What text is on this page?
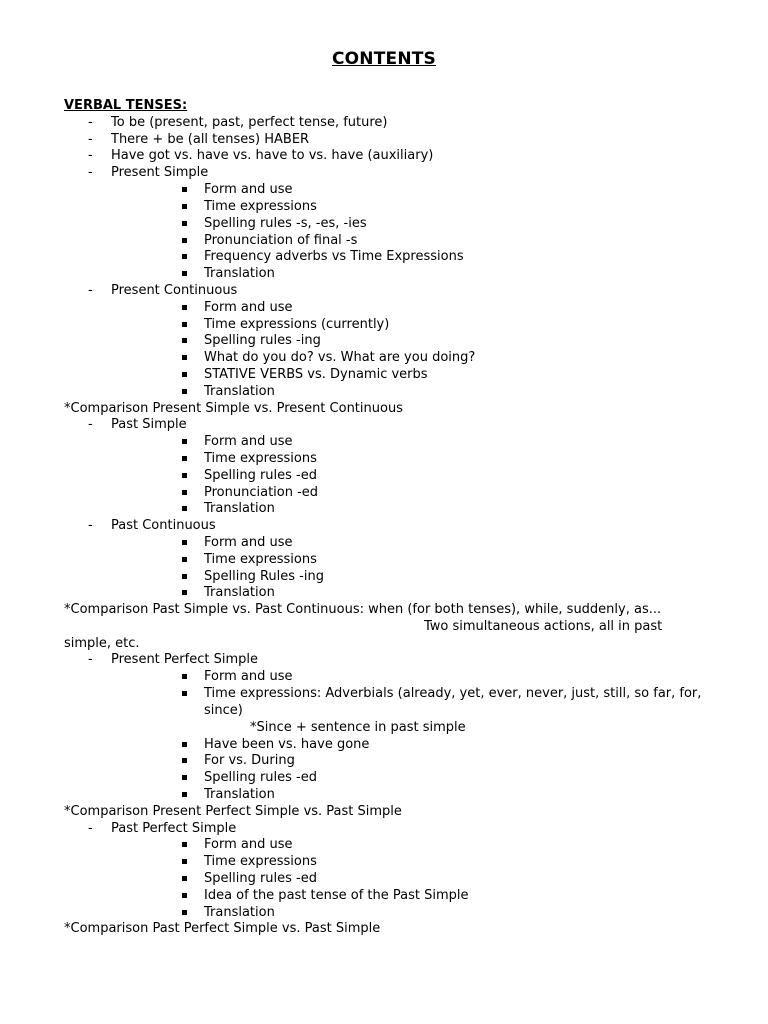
CONTENTS
VERBAL TENSES:
- To be (present, past, perfect tense, future)
- There + be (all tenses) HABER
- Have got vs. have vs. have to vs. have (auxiliary)
- Present Simple
Form and use
Time expressions
Spelling rules -s, -es, -ies
Pronunciation of final -s
Frequency adverbs vs Time Expressions
Translation
- Present Continuous
Form and use
Time expressions (currently)
Spelling rules -ing
What do you do? vs. What are you doing?
STATIVE VERBS vs. Dynamic verbs
Translation
*Comparison Present Simple vs. Present Continuous
- Past Simple
Form and use
Time expressions
Spelling rules -ed
Pronunciation -ed
Translation
- Past Continuous
Form and use
Time expressions
Spelling Rules -ing
Translation
*Comparison Past Simple vs. Past Continuous: when (for both tenses), while, suddenly, as...
Two simultaneous actions, all in past
simple, etc.
- Present Perfect Simple
Form and use
Time expressions: Adverbials (already, yet, ever, never, just, still, so far, for,
since)
*Since + sentence in past simple
Have been vs. have gone
For vs. During
Spelling rules -ed
Translation
*Comparison Present Perfect Simple vs. Past Simple
- Past Perfect Simple
Form and use
Time expressions
Spelling rules -ed
Idea of the past tense of the Past Simple
Translation
*Comparison Past Perfect Simple vs. Past Simple
